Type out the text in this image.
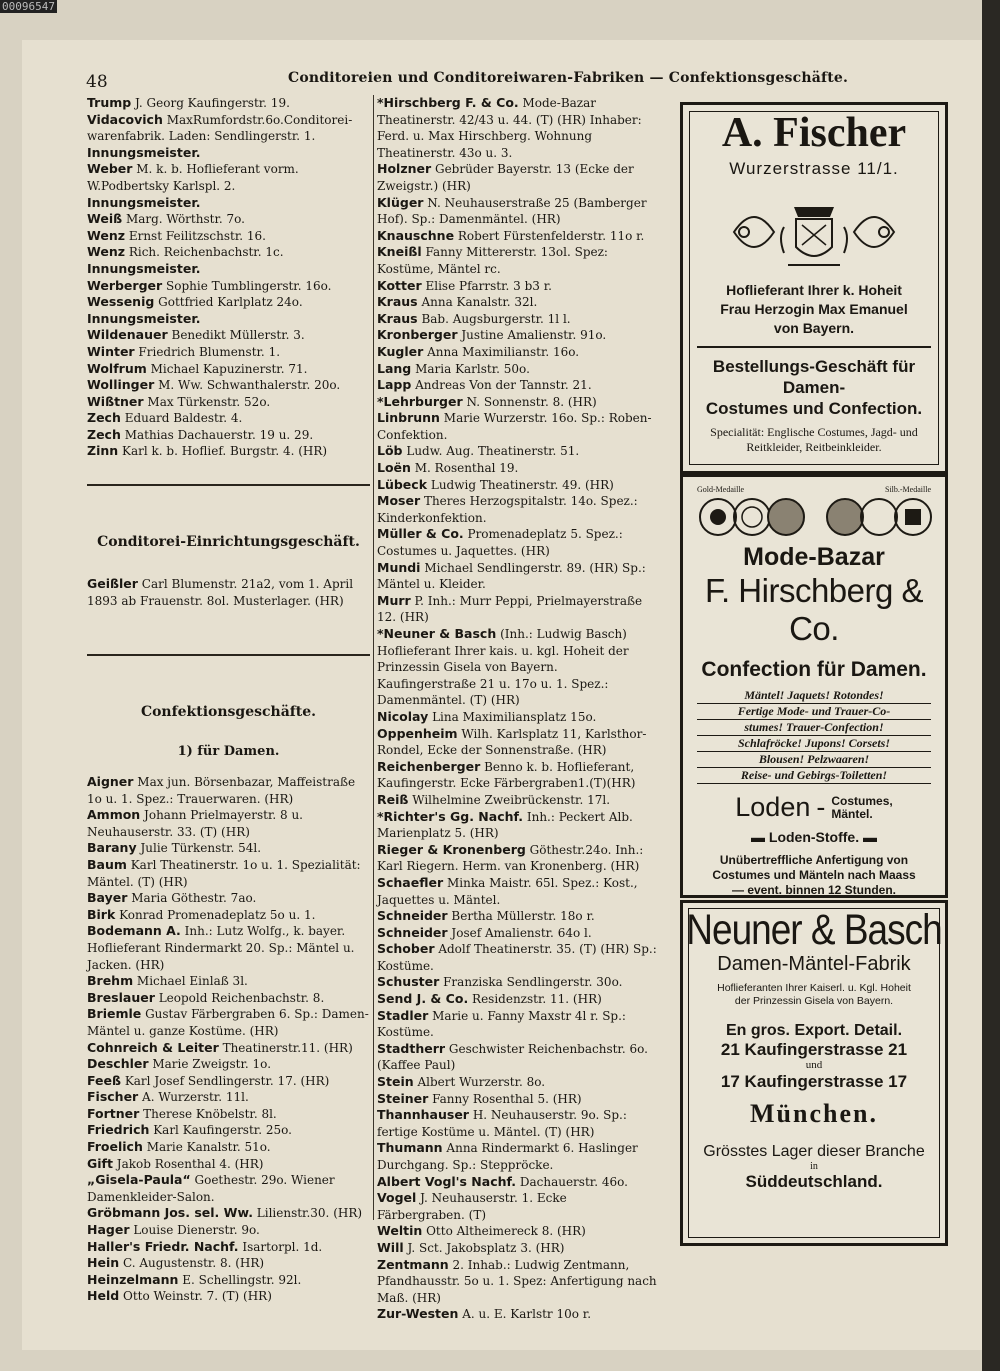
00096547
48	Conditoreien und Conditoreiwaren-Fabriken — Confektionsgeschäfte.

Trump J. Georg Kaufingerstr. 19.

Vidacovich MaxRumfordstr.6o.Conditorei-warenfabrik. Laden: Sendlingerstr. 1.

Innungsmeister.

Weber M. k. b. Hoflieferant vorm. W.Podbertsky Karlspl. 2.

Innungsmeister.

Weiß Marg. Wörthstr. 7o.

Wenz Ernst Feilitzschstr. 16.

Wenz Rich. Reichenbachstr. 1c.

Innungsmeister.

Werberger Sophie Tumblingerstr. 16o.

Wessenig Gottfried Karlplatz 24o.

Innungsmeister.

Wildenauer Benedikt Müllerstr. 3.

Winter Friedrich Blumenstr. 1.

Wolfrum Michael Kapuzinerstr. 71.

Wollinger M. Ww. Schwanthalerstr. 20o.

Wißtner Max Türkenstr. 52o.

Zech Eduard Baldestr. 4.

Zech Mathias Dachauerstr. 19 u. 29.

Zinn Karl k. b. Hoflief. Burgstr. 4. (HR)

Conditorei-Einrichtungsgeschäft.

Geißler Carl Blumenstr. 21a2, vom 1. April 1893 ab Frauenstr. 8ol. Musterlager. (HR)

Confektionsgeschäfte.
1) für Damen.

Aigner Max jun. Börsenbazar, Maffeistraße 1o u. 1. Spez.: Trauerwaren. (HR)

Ammon Johann Prielmayerstr. 8 u. Neuhauserstr. 33. (T) (HR)

Barany Julie Türkenstr. 54l.

Baum Karl Theatinerstr. 1o u. 1. Spezialität: Mäntel. (T) (HR)

Bayer Maria Göthestr. 7ao.

Birk Konrad Promenadeplatz 5o u. 1.

Bodemann A. Inh.: Lutz Wolfg., k. bayer. Hoflieferant Rindermarkt 20. Sp.: Mäntel u. Jacken. (HR)

Brehm Michael Einlaß 3l.

Breslauer Leopold Reichenbachstr. 8.

Briemle Gustav Färbergraben 6. Sp.: Damen-Mäntel u. ganze Kostüme. (HR)

Cohnreich & Leiter Theatinerstr.11. (HR)

Deschler Marie Zweigstr. 1o.

Feeß Karl Josef Sendlingerstr. 17. (HR)

Fischer A. Wurzerstr. 11l.

Fortner Therese Knöbelstr. 8l.

Friedrich Karl Kaufingerstr. 25o.

Froelich Marie Kanalstr. 51o.

Gift Jakob Rosenthal 4. (HR)

„Gisela-Paula“ Goethestr. 29o. Wiener Damenkleider-Salon.

Gröbmann Jos. sel. Ww. Lilienstr.30. (HR)

Hager Louise Dienerstr. 9o.

Haller's Friedr. Nachf. Isartorpl. 1d.

Hein C. Augustenstr. 8. (HR)

Heinzelmann E. Schellingstr. 92l.

Held Otto Weinstr. 7. (T) (HR)

*Hirschberg F. & Co. Mode-Bazar Theatinerstr. 42/43 u. 44. (T) (HR) Inhaber: Ferd. u. Max Hirschberg. Wohnung Theatinerstr. 43o u. 3.

Holzner Gebrüder Bayerstr. 13 (Ecke der Zweigstr.) (HR)

Klüger N. Neuhauserstraße 25 (Bamberger Hof). Sp.: Damenmäntel. (HR)

Knauschne Robert Fürstenfelderstr. 11o r.

Kneißl Fanny Mittererstr. 13ol. Spez: Kostüme, Mäntel rc.

Kotter Elise Pfarrstr. 3 b3 r.

Kraus Anna Kanalstr. 32l.

Kraus Bab. Augsburgerstr. 1l l.

Kronberger Justine Amalienstr. 91o.

Kugler Anna Maximilianstr. 16o.

Lang Maria Karlstr. 50o.

Lapp Andreas Von der Tannstr. 21.

*Lehrburger N. Sonnenstr. 8. (HR)

Linbrunn Marie Wurzerstr. 16o. Sp.: Roben-Confektion.

Löb Ludw. Aug. Theatinerstr. 51.

Loën M. Rosenthal 19.

Lübeck Ludwig Theatinerstr. 49. (HR)

Moser Theres Herzogspitalstr. 14o. Spez.: Kinderkonfektion.

Müller & Co. Promenadeplatz 5. Spez.: Costumes u. Jaquettes. (HR)

Mundi Michael Sendlingerstr. 89. (HR) Sp.: Mäntel u. Kleider.

Murr P. Inh.: Murr Peppi, Prielmayerstraße 12. (HR)

*Neuner & Basch (Inh.: Ludwig Basch) Hoflieferant Ihrer kais. u. kgl. Hoheit der Prinzessin Gisela von Bayern. Kaufingerstraße 21 u. 17o u. 1. Spez.: Damenmäntel. (T) (HR)

Nicolay Lina Maximiliansplatz 15o.

Oppenheim Wilh. Karlsplatz 11, Karlsthor-Rondel, Ecke der Sonnenstraße. (HR)

Reichenberger Benno k. b. Hoflieferant, Kaufingerstr. Ecke Färbergraben1.(T)(HR)

Reiß Wilhelmine Zweibrückenstr. 17l.

*Richter's Gg. Nachf. Inh.: Peckert Alb. Marienplatz 5. (HR)

Rieger & Kronenberg Göthestr.24o. Inh.: Karl Riegern. Herm. van Kronenberg. (HR)

Schaefler Minka Maistr. 65l. Spez.: Kost., Jaquettes u. Mäntel.

Schneider Bertha Müllerstr. 18o r.

Schneider Josef Amalienstr. 64o l.

Schober Adolf Theatinerstr. 35. (T) (HR) Sp.: Kostüme.

Schuster Franziska Sendlingerstr. 30o.

Send J. & Co. Residenzstr. 11. (HR)

Stadler Marie u. Fanny Maxstr 4l r. Sp.: Kostüme.

Stadtherr Geschwister Reichenbachstr. 6o. (Kaffee Paul)

Stein Albert Wurzerstr. 8o.

Steiner Fanny Rosenthal 5. (HR)

Thannhauser H. Neuhauserstr. 9o. Sp.: fertige Kostüme u. Mäntel. (T) (HR)

Thumann Anna Rindermarkt 6. Haslinger Durchgang. Sp.: Steppröcke.

Albert Vogl's Nachf. Dachauerstr. 46o.

Vogel J. Neuhauserstr. 1. Ecke Färbergraben. (T)

Weltin Otto Altheimereck 8. (HR)

Will J. Sct. Jakobsplatz 3. (HR)

Zentmann 2. Inhab.: Ludwig Zentmann, Pfandhausstr. 5o u. 1. Spez: Anfertigung nach Maß. (HR)

Zur-Westen A. u. E. Karlstr 10o r.

A. Fischer
Wurzerstrasse 11/1.
Hoflieferant Ihrer k. Hoheit
Frau Herzogin Max Emanuel
von Bayern.
Bestellungs-Geschäft für Damen-
Costumes und Confection.
Specialität: Englische Costumes, Jagd- und Reitkleider, Reitbeinkleider.
Gold-Medaille	Silb.-Medaille
Mode-Bazar
F. Hirschberg & Co.
Confection für Damen.
Mäntel! Jaquets! Rotondes!
Fertige Mode- und Trauer-Co-
stumes! Trauer-Confection!
Schlafröcke! Jupons! Corsets!
Blousen! Pelzwaaren!
Reise- und Gebirgs-Toiletten!
Loden - Costumes,
Mäntel.
▬ Loden-Stoffe. ▬
Unübertreffliche Anfertigung von
Costumes und Mänteln nach Maass
— event. binnen 12 Stunden.
Neuner & Basch
Damen-Mäntel-Fabrik
Hoflieferanten Ihrer Kaiserl. u. Kgl. Hoheit
der Prinzessin Gisela von Bayern.
En gros. Export. Detail.
21 Kaufingerstrasse 21
und
17 Kaufingerstrasse 17
München.
Grösstes Lager dieser Branche
in
Süddeutschland.
